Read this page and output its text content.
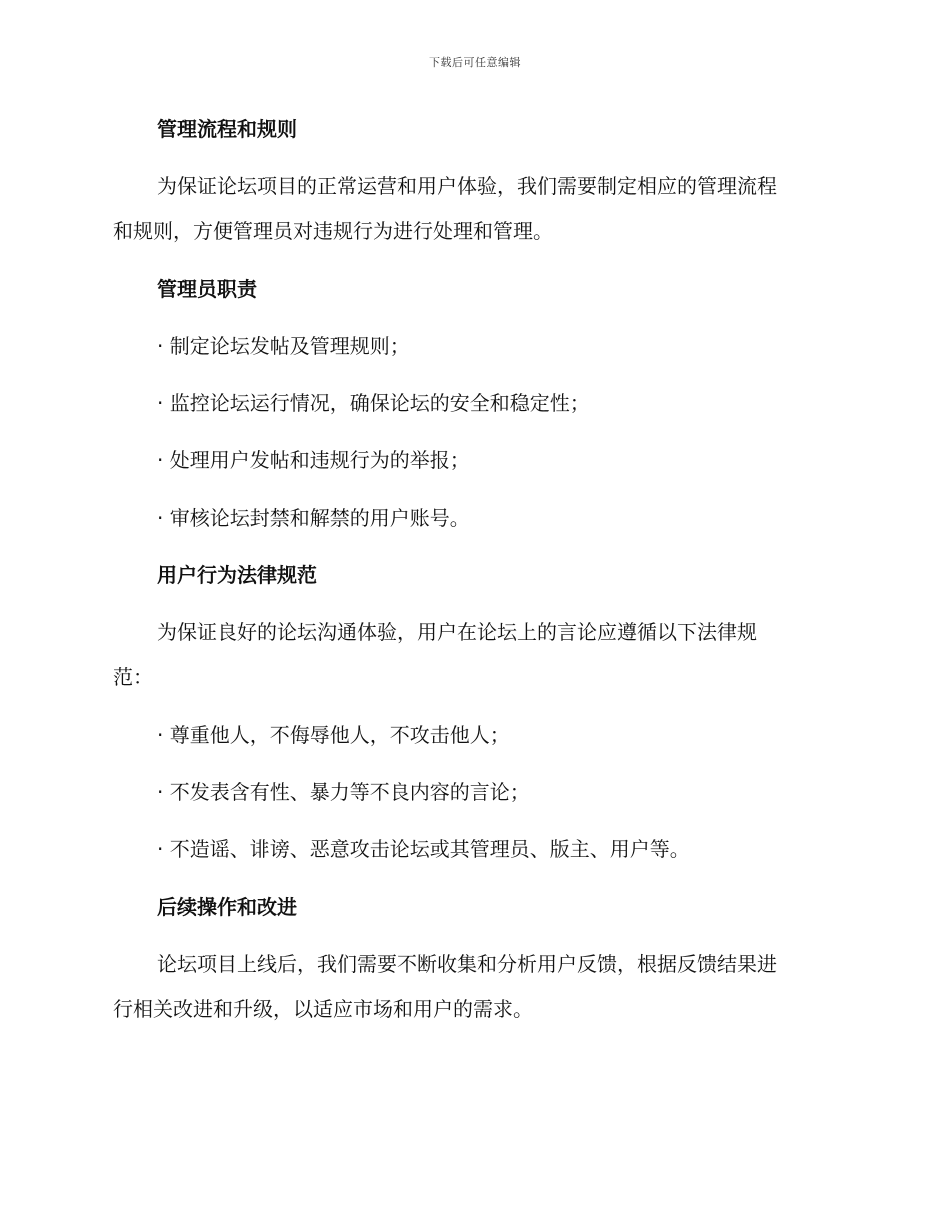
下载后可任意编辑
管理流程和规则
为保证论坛项目的正常运营和用户体验，我们需要制定相应的管理流程
和规则，方便管理员对违规行为进行处理和管理。
管理员职责
· 制定论坛发帖及管理规则；
· 监控论坛运行情况，确保论坛的安全和稳定性；
· 处理用户发帖和违规行为的举报；
· 审核论坛封禁和解禁的用户账号。
用户行为法律规范
为保证良好的论坛沟通体验，用户在论坛上的言论应遵循以下法律规
范：
· 尊重他人，不侮辱他人，不攻击他人；
· 不发表含有性、暴力等不良内容的言论；
· 不造谣、诽谤、恶意攻击论坛或其管理员、版主、用户等。
后续操作和改进
论坛项目上线后，我们需要不断收集和分析用户反馈，根据反馈结果进
行相关改进和升级，以适应市场和用户的需求。
